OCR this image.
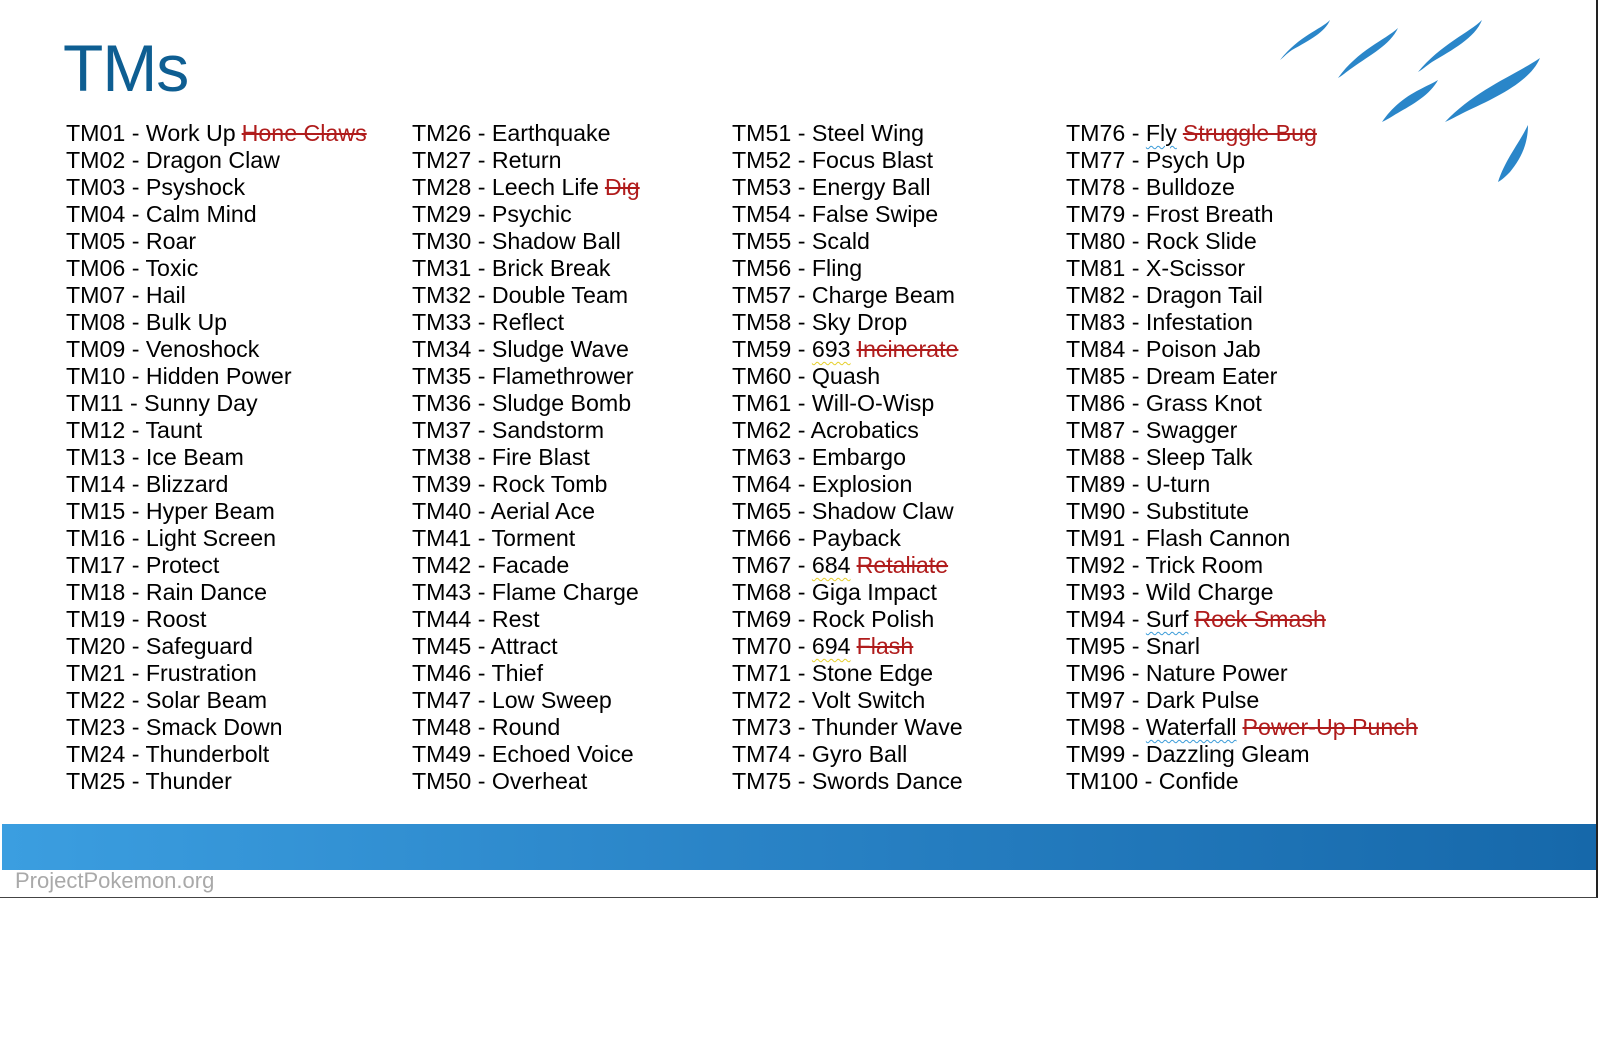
TMs
TM01 - Work Up Hone Claws
TM02 - Dragon Claw
TM03 - Psyshock
TM04 - Calm Mind
TM05 - Roar
TM06 - Toxic
TM07 - Hail
TM08 - Bulk Up
TM09 - Venoshock
TM10 - Hidden Power
TM11 - Sunny Day
TM12 - Taunt
TM13 - Ice Beam
TM14 - Blizzard
TM15 - Hyper Beam
TM16 - Light Screen
TM17 - Protect
TM18 - Rain Dance
TM19 - Roost
TM20 - Safeguard
TM21 - Frustration
TM22 - Solar Beam
TM23 - Smack Down
TM24 - Thunderbolt
TM25 - Thunder
TM26 - Earthquake
TM27 - Return
TM28 - Leech Life Dig
TM29 - Psychic
TM30 - Shadow Ball
TM31 - Brick Break
TM32 - Double Team
TM33 - Reflect
TM34 - Sludge Wave
TM35 - Flamethrower
TM36 - Sludge Bomb
TM37 - Sandstorm
TM38 - Fire Blast
TM39 - Rock Tomb
TM40 - Aerial Ace
TM41 - Torment
TM42 - Facade
TM43 - Flame Charge
TM44 - Rest
TM45 - Attract
TM46 - Thief
TM47 - Low Sweep
TM48 - Round
TM49 - Echoed Voice
TM50 - Overheat
TM51 - Steel Wing
TM52 - Focus Blast
TM53 - Energy Ball
TM54 - False Swipe
TM55 - Scald
TM56 - Fling
TM57 - Charge Beam
TM58 - Sky Drop
TM59 - 693 Incinerate
TM60 - Quash
TM61 - Will-O-Wisp
TM62 - Acrobatics
TM63 - Embargo
TM64 - Explosion
TM65 - Shadow Claw
TM66 - Payback
TM67 - 684 Retaliate
TM68 - Giga Impact
TM69 - Rock Polish
TM70 - 694 Flash
TM71 - Stone Edge
TM72 - Volt Switch
TM73 - Thunder Wave
TM74 - Gyro Ball
TM75 - Swords Dance
TM76 - Fly Struggle Bug
TM77 - Psych Up
TM78 - Bulldoze
TM79 - Frost Breath
TM80 - Rock Slide
TM81 - X-Scissor
TM82 - Dragon Tail
TM83 - Infestation
TM84 - Poison Jab
TM85 - Dream Eater
TM86 - Grass Knot
TM87 - Swagger
TM88 - Sleep Talk
TM89 - U-turn
TM90 - Substitute
TM91 - Flash Cannon
TM92 - Trick Room
TM93 - Wild Charge
TM94 - Surf Rock Smash
TM95 - Snarl
TM96 - Nature Power
TM97 - Dark Pulse
TM98 - Waterfall Power-Up Punch
TM99 - Dazzling Gleam
TM100 - Confide
ProjectPokemon.org
